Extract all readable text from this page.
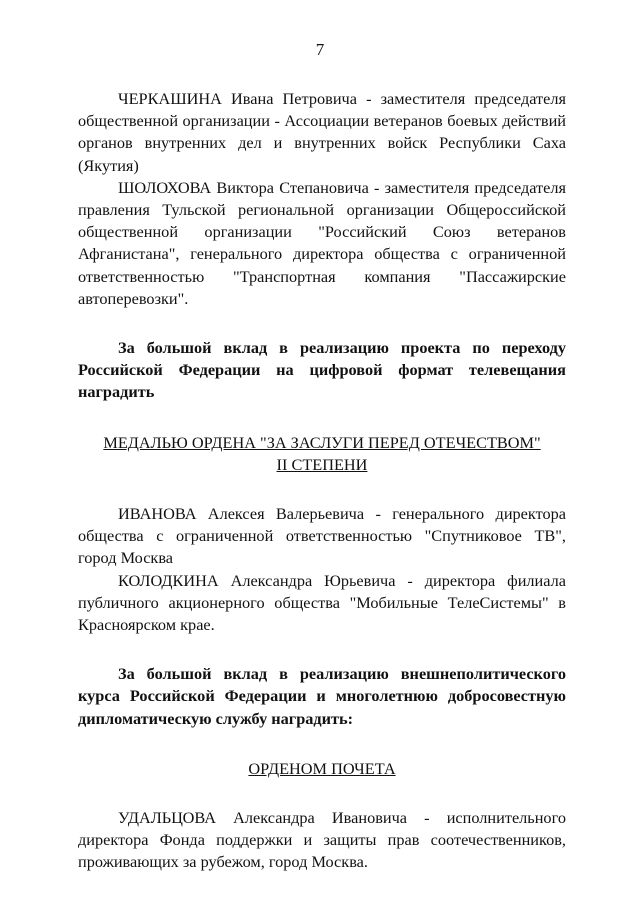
7

ЧЕРКАШИНА Ивана Петровича - заместителя председателя общественной организации - Ассоциации ветеранов боевых действий органов внутренних дел и внутренних войск Республики Саха (Якутия)

ШОЛОХОВА Виктора Степановича - заместителя председателя правления Тульской региональной организации Общероссийской общественной организации "Российский Союз ветеранов Афганистана", генерального директора общества с ограниченной ответственностью "Транспортная компания "Пассажирские автоперевозки".

За большой вклад в реализацию проекта по переходу Российской Федерации на цифровой формат телевещания наградить

МЕДАЛЬЮ ОРДЕНА "ЗА ЗАСЛУГИ ПЕРЕД ОТЕЧЕСТВОМ"

II СТЕПЕНИ

ИВАНОВА Алексея Валерьевича - генерального директора общества с ограниченной ответственностью "Спутниковое ТВ", город Москва

КОЛОДКИНА Александра Юрьевича - директора филиала публичного акционерного общества "Мобильные ТелеСистемы" в Красноярском крае.

За большой вклад в реализацию внешнеполитического курса Российской Федерации и многолетнюю добросовестную дипломатическую службу наградить:

ОРДЕНОМ ПОЧЕТА

УДАЛЬЦОВА Александра Ивановича - исполнительного директора Фонда поддержки и защиты прав соотечественников, проживающих за рубежом, город Москва.
